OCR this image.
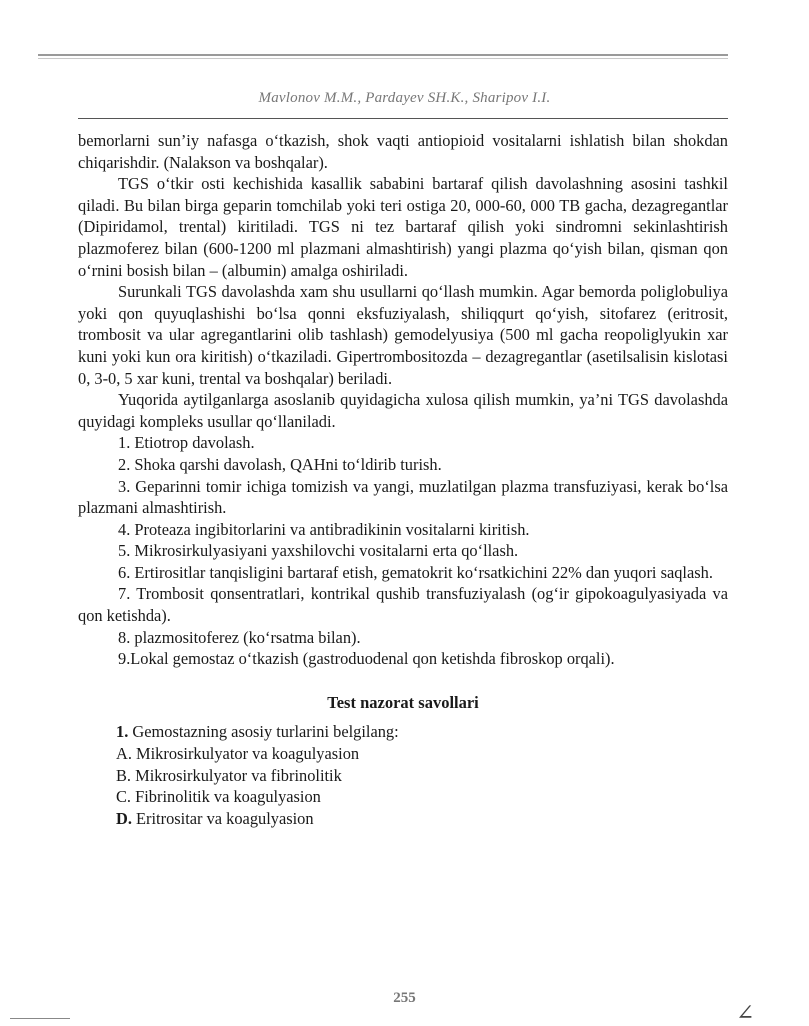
Mavlonov M.M., Pardayev SH.K., Sharipov I.I.

bemorlarni sun’iy nafasga o‘tkazish, shok vaqti antiopioid vositalarni ishlatish bilan shokdan chiqarishdir. (Nalakson va boshqalar).

TGS o‘tkir osti kechishida kasallik sababini bartaraf qilish davolashning asosini tashkil qiladi. Bu bilan birga geparin tomchilab yoki teri ostiga 20, 000-60, 000 TB gacha, dezagregantlar (Dipiridamol, trental) kiritiladi. TGS ni tez bartaraf qilish yoki sindromni sekinlashtirish plazmoferez bilan (600-1200 ml plazmani almashtirish) yangi plazma qo‘yish bilan, qisman qon o‘rnini bosish bilan – (albumin) amalga oshiriladi.

Surunkali TGS davolashda xam shu usullarni qo‘llash mumkin. Agar bemorda poliglobuliya yoki qon quyuqlashishi bo‘lsa qonni eksfuziyalash, shiliqqurt qo‘yish, sitofarez (eritrosit, trombosit va ular agregantlarini olib tashlash) gemodelyusiya (500 ml gacha reopoliglyukin xar kuni yoki kun ora kiritish) o‘tkaziladi. Gipertrombositozda – dezagregantlar (asetilsalisin kislotasi 0, 3-0, 5 xar kuni, trental va boshqalar) beriladi.

Yuqorida aytilganlarga asoslanib quyidagicha xulosa qilish mumkin, ya’ni TGS davolashda quyidagi kompleks usullar qo‘llaniladi.

1. Etiotrop davolash.

2. Shoka qarshi davolash, QAHni to‘ldirib turish.

3. Geparinni tomir ichiga tomizish va yangi, muzlatilgan plazma transfuziyasi, kerak bo‘lsa plazmani almashtirish.

4. Proteaza ingibitorlarini va antibradikinin vositalarni kiritish.

5. Mikrosirkulyasiyani yaxshilovchi vositalarni erta qo‘llash.

6. Ertirositlar tanqisligini bartaraf etish, gematokrit ko‘rsatkichini 22% dan yuqori saqlash.

7. Trombosit qonsentratlari, kontrikal qushib transfuziyalash (og‘ir gipokoagulyasiyada va qon ketishda).

8. plazmositoferez (ko‘rsatma bilan).

9.Lokal gemostaz o‘tkazish (gastroduodenal qon ketishda fibroskop orqali).

Test nazorat savollari

1. Gemostazning asosiy turlarini belgilang:

A. Mikrosirkulyator va koagulyasion

B. Mikrosirkulyator va fibrinolitik

C. Fibrinolitik va koagulyasion

D. Eritrositar va koagulyasion

255
∠
